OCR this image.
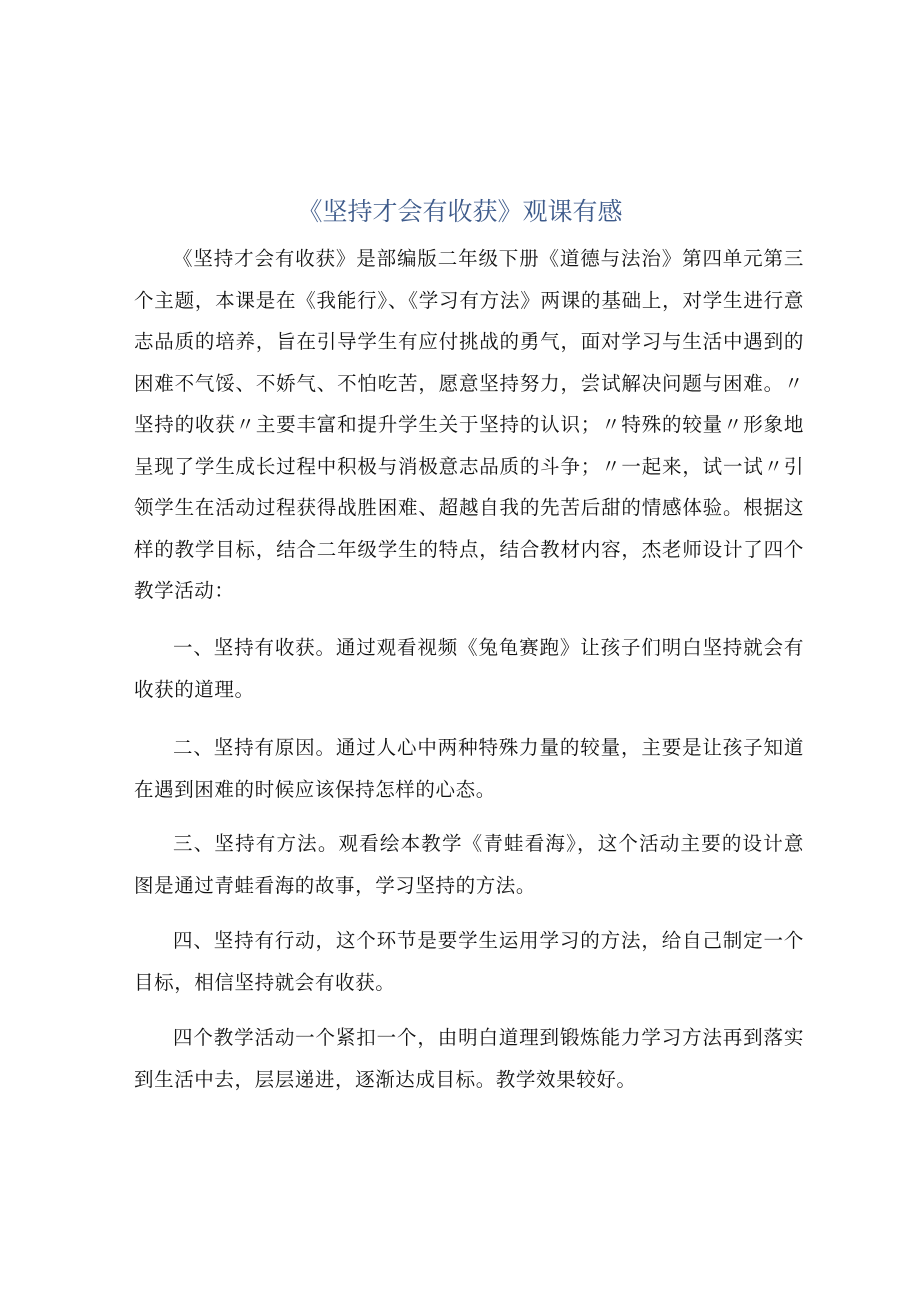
《坚持才会有收获》观课有感

《坚持才会有收获》是部编版二年级下册《道德与法治》第四单元第三个主题，本课是在《我能行》、《学习有方法》两课的基础上，对学生进行意志品质的培养，旨在引导学生有应付挑战的勇气，面对学习与生活中遇到的困难不气馁、不娇气、不怕吃苦，愿意坚持努力，尝试解决问题与困难。〃坚持的收获〃主要丰富和提升学生关于坚持的认识；〃特殊的较量〃形象地呈现了学生成长过程中积极与消极意志品质的斗争；〃一起来，试一试〃引领学生在活动过程获得战胜困难、超越自我的先苦后甜的情感体验。根据这样的教学目标，结合二年级学生的特点，结合教材内容，杰老师设计了四个教学活动：

一、坚持有收获。通过观看视频《兔龟赛跑》让孩子们明白坚持就会有收获的道理。

二、坚持有原因。通过人心中两种特殊力量的较量，主要是让孩子知道在遇到困难的时候应该保持怎样的心态。

三、坚持有方法。观看绘本教学《青蛙看海》，这个活动主要的设计意图是通过青蛙看海的故事，学习坚持的方法。

四、坚持有行动，这个环节是要学生运用学习的方法，给自己制定一个目标，相信坚持就会有收获。

四个教学活动一个紧扣一个，由明白道理到锻炼能力学习方法再到落实到生活中去，层层递进，逐渐达成目标。教学效果较好。
